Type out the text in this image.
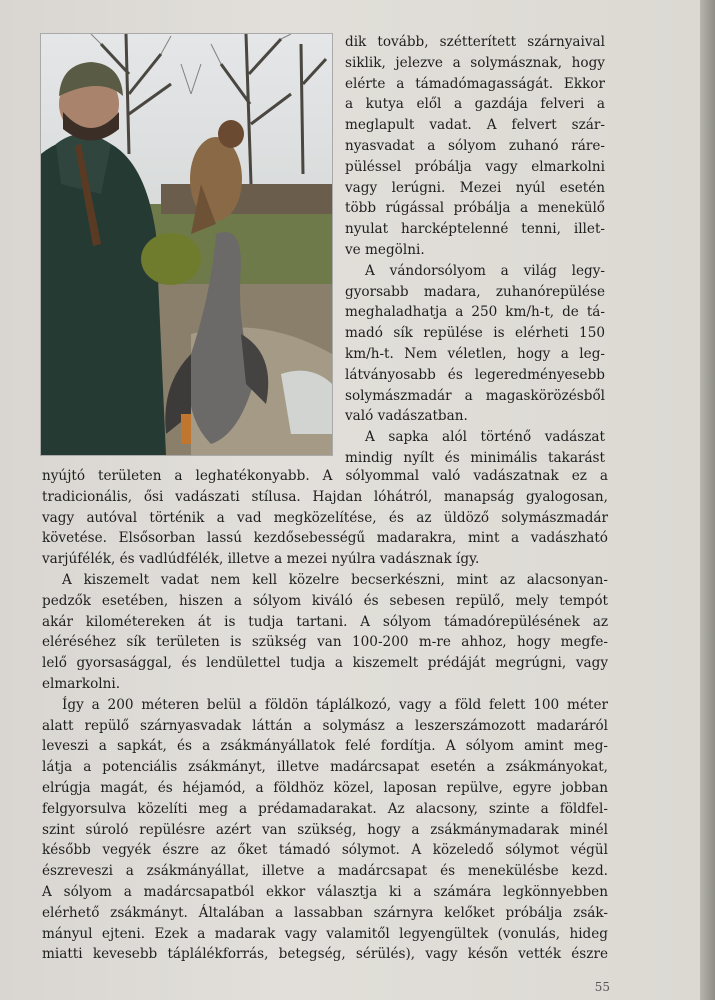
dik tovább, szétterített szárnyaival
siklik, jelezve a solymásznak, hogy
elérte a támadómagasságát. Ekkor
a kutya elől a gazdája felveri a
meglapult vadat. A felvert szár-
nyasvadat a sólyom zuhanó ráre-
püléssel próbálja vagy elmarkolni
vagy lerúgni. Mezei nyúl esetén
több rúgással próbálja a menekülő
nyulat harcképtelenné tenni, illet-
ve megölni.
A vándorsólyom a világ legy-
gyorsabb madara, zuhanórepülése
meghaladhatja a 250 km/h-t, de tá-
madó sík repülése is elérheti 150
km/h-t. Nem véletlen, hogy a leg-
látványosabb és legeredményesebb
solymászmadár a magaskörözésből
való vadászatban.
A sapka alól történő vadászat
mindig nyílt és minimális takarást
nyújtó területen a leghatékonyabb. A sólyommal való vadászatnak ez a
tradicionális, ősi vadászati stílusa. Hajdan lóhátról, manapság gyalogosan,
vagy autóval történik a vad megközelítése, és az üldöző solymászmadár
követése. Elsősorban lassú kezdősebességű madarakra, mint a vadászható
varjúfélék, és vadlúdfélék, illetve a mezei nyúlra vadásznak így.
A kiszemelt vadat nem kell közelre becserkészni, mint az alacsonyan-
pedzők esetében, hiszen a sólyom kiváló és sebesen repülő, mely tempót
akár kilométereken át is tudja tartani. A sólyom támadórepülésének az
eléréséhez sík területen is szükség van 100-200 m-re ahhoz, hogy megfe-
lelő gyorsasággal, és lendülettel tudja a kiszemelt prédáját megrúgni, vagy
elmarkolni.
Így a 200 méteren belül a földön táplálkozó, vagy a föld felett 100 méter
alatt repülő szárnyasvadak láttán a solymász a leszerszámozott madaráról
leveszi a sapkát, és a zsákmányállatok felé fordítja. A sólyom amint meg-
látja a potenciális zsákmányt, illetve madárcsapat esetén a zsákmányokat,
elrúgja magát, és héjamód, a földhöz közel, laposan repülve, egyre jobban
felgyorsulva közelíti meg a prédamadarakat. Az alacsony, szinte a földfel-
szint súroló repülésre azért van szükség, hogy a zsákmánymadarak minél
később vegyék észre az őket támadó sólymot. A közeledő sólymot végül
észreveszi a zsákmányállat, illetve a madárcsapat és menekülésbe kezd.
A sólyom a madárcsapatból ekkor választja ki a számára legkönnyebben
elérhető zsákmányt. Általában a lassabban szárnyra kelőket próbálja zsák-
mányul ejteni. Ezek a madarak vagy valamitől legyengültek (vonulás, hideg
miatti kevesebb táplálékforrás, betegség, sérülés), vagy későn vették észre
55
